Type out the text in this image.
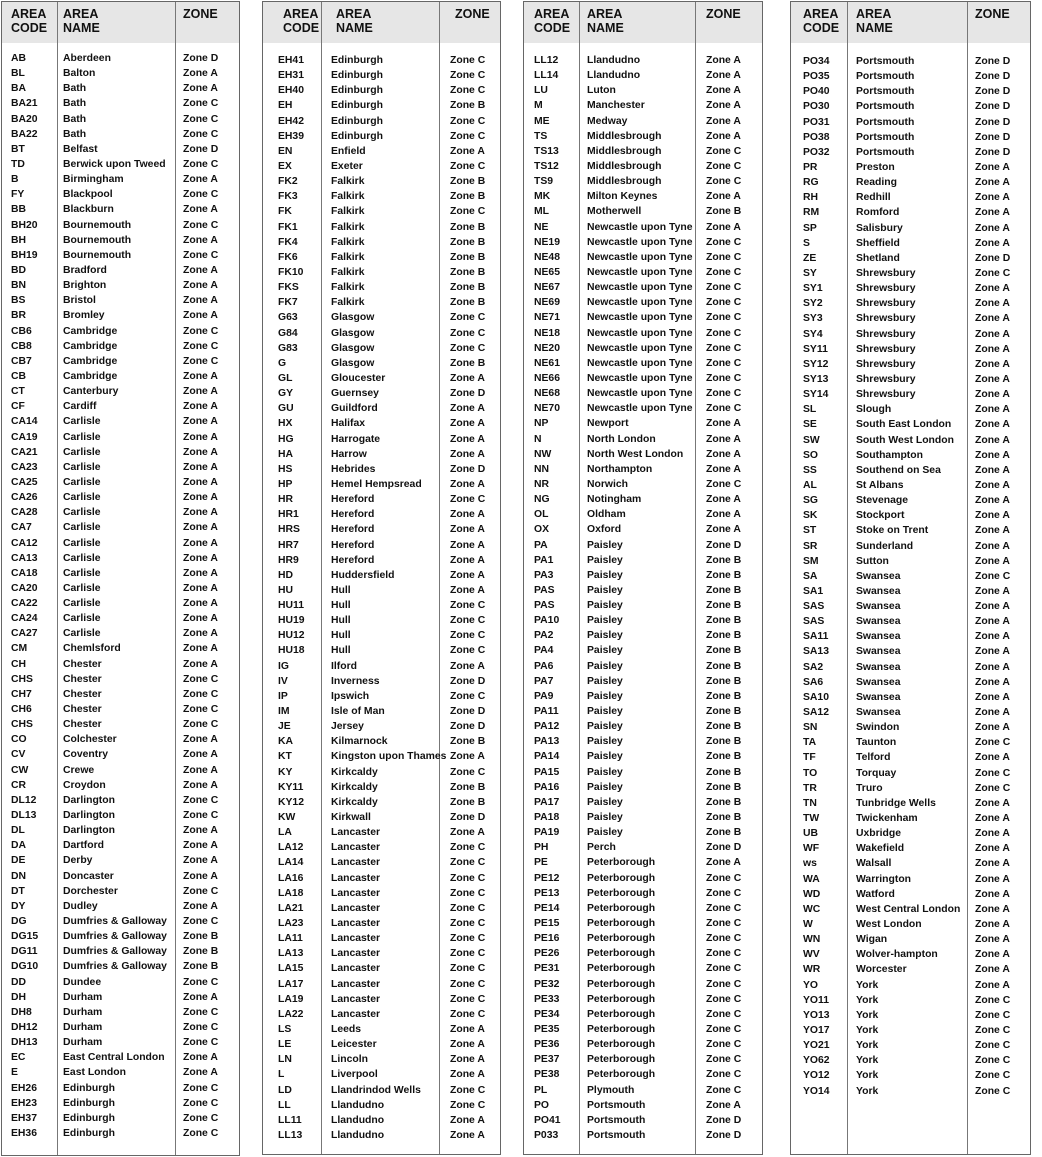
AREA CODE
AREA NAME
ZONE
AB	Aberdeen	Zone D
BL	Balton	Zone A
BA	Bath	Zone A
BA21 Bath	Zone C
BA20 Bath	Zone C
BA22 Bath	Zone C
BT	Belfast	Zone D
TD	Berwick upon Tweed Zone C
B	Birmingham	Zone A
FY	Blackpool	Zone C
BB	Blackburn	Zone A
BH20 Bournemouth	Zone C
BH	Bournemouth	Zone A
BH19 Bournemouth	Zone C
BD	Bradford	Zone A
BN	Brighton	Zone A
BS	Bristol	Zone A
BR	Bromley	Zone A
CB6	Cambridge	Zone C
CB8	Cambridge	Zone C
CB7	Cambridge	Zone C
CB	Cambridge	Zone A
CT	Canterbury	Zone A
CF	Cardiff	Zone A
CA14 Carlisle	Zone A
CA19 Carlisle	Zone A
CA21 Carlisle	Zone A
CA23 Carlisle	Zone A
CA25 Carlisle	Zone A
CA26 Carlisle	Zone A
CA28 Carlisle	Zone A
CA7	Carlisle	Zone A
CA12 Carlisle	Zone A
CA13 Carlisle	Zone A
CA18 Carlisle	Zone A
CA20 Carlisle	Zone A
CA22 Carlisle	Zone A
CA24 Carlisle	Zone A
CA27 Carlisle	Zone A
CM	Chemlsford	Zone A
CH	Chester	Zone A
CHS	Chester	Zone C
CH7	Chester	Zone C
CH6	Chester	Zone C
CHS	Chester	Zone C
CO	Colchester	Zone A
CV	Coventry	Zone A
CW	Crewe	Zone A
CR	Croydon	Zone A
DL12	Darlington	Zone C
DL13	Darlington	Zone C
DL	Darlington	Zone A
DA	Dartford	Zone A
DE	Derby	Zone A
DN	Doncaster	Zone A
DT	Dorchester	Zone C
DY	Dudley	Zone A
DG	Dumfries & Galloway Zone C
DG15 Dumfries & Galloway Zone B
DG11 Dumfries & Galloway Zone B
DG10 Dumfries & Galloway Zone B
DD	Dundee	Zone C
DH	Durham	Zone A
DH8	Durham	Zone C
DH12 Durham	Zone C
DH13 Durham	Zone C
EC	East Central London Zone A
E	East London	Zone A
EH26	Edinburgh	Zone C
EH23	Edinburgh	Zone C
EH37	Edinburgh	Zone C
EH36	Edinburgh	Zone C
AREA CODE
AREA NAME
ZONE
EH41	Edinburgh	Zone C
EH31	Edinburgh	Zone C
EH40	Edinburgh	Zone C
EH	Edinburgh	Zone B
EH42	Edinburgh	Zone C
EH39	Edinburgh	Zone C
EN	Enfield	Zone A
EX	Exeter	Zone C
FK2	Falkirk	Zone B
FK3	Falkirk	Zone B
FK	Falkirk	Zone C
FK1	Falkirk	Zone B
FK4	Falkirk	Zone B
FK6	Falkirk	Zone B
FK10	Falkirk	Zone B
FKS	Falkirk	Zone B
FK7	Falkirk	Zone B
G63	Glasgow	Zone C
G84	Glasgow	Zone C
G83	Glasgow	Zone C
G	Glasgow	Zone B
GL	Gloucester	Zone A
GY	Guernsey	Zone D
GU	Guildford	Zone A
HX	Halifax	Zone A
HG	Harrogate	Zone A
HA	Harrow	Zone A
HS	Hebrides	Zone D
HP	Hemel Hempsread	Zone A
HR	Hereford	Zone C
HR1	Hereford	Zone A
HRS	Hereford	Zone A
HR7	Hereford	Zone A
HR9	Hereford	Zone A
HD	Huddersfield	Zone A
HU	Hull	Zone A
HU11	Hull	Zone C
HU19	Hull	Zone C
HU12	Hull	Zone C
HU18	Hull	Zone C
IG	Ilford	Zone A
IV	Inverness	Zone D
IP	Ipswich	Zone C
IM	Isle of Man	Zone D
JE	Jersey	Zone D
KA	Kilmarnock	Zone B
KT	Kingston upon Thames Zone A
KY	Kirkcaldy	Zone C
KY11	Kirkcaldy	Zone B
KY12	Kirkcaldy	Zone B
KW	Kirkwall	Zone D
LA	Lancaster	Zone A
LA12	Lancaster	Zone C
LA14	Lancaster	Zone C
LA16	Lancaster	Zone C
LA18	Lancaster	Zone C
LA21	Lancaster	Zone C
LA23	Lancaster	Zone C
LA11	Lancaster	Zone C
LA13	Lancaster	Zone C
LA15	Lancaster	Zone C
LA17	Lancaster	Zone C
LA19	Lancaster	Zone C
LA22	Lancaster	Zone C
LS	Leeds	Zone A
LE	Leicester	Zone A
LN	Lincoln	Zone A
L	Liverpool	Zone A
LD	Llandrindod Wells	Zone C
LL	Llandudno	Zone C
LL11	Llandudno	Zone A
LL13	Llandudno	Zone A
AREA CODE
AREA NAME
ZONE
LL12	Llandudno	Zone A
LL14	Llandudno	Zone A
LU	Luton	Zone A
M	Manchester	Zone A
ME	Medway	Zone A
TS	Middlesbrough	Zone A
TS13	Middlesbrough	Zone C
TS12	Middlesbrough	Zone C
TS9	Middlesbrough	Zone C
MK	Milton Keynes	Zone A
ML	Motherwell	Zone B
NE	Newcastle upon Tyne Zone A
NE19	Newcastle upon Tyne Zone C
NE48	Newcastle upon Tyne Zone C
NE65	Newcastle upon Tyne Zone C
NE67	Newcastle upon Tyne Zone C
NE69	Newcastle upon Tyne Zone C
NE71	Newcastle upon Tyne Zone C
NE18	Newcastle upon Tyne Zone C
NE20	Newcastle upon Tyne Zone C
NE61	Newcastle upon Tyne Zone C
NE66	Newcastle upon Tyne Zone C
NE68	Newcastle upon Tyne Zone C
NE70	Newcastle upon Tyne Zone C
NP	Newport	Zone A
N	North London	Zone A
NW	North West London Zone A
NN	Northampton	Zone A
NR	Norwich	Zone C
NG	Notingham	Zone A
OL	Oldham	Zone A
OX	Oxford	Zone A
PA	Paisley	Zone D
PA1	Paisley	Zone B
PA3	Paisley	Zone B
PAS	Paisley	Zone B
PAS	Paisley	Zone B
PA10	Paisley	Zone B
PA2	Paisley	Zone B
PA4	Paisley	Zone B
PA6	Paisley	Zone B
PA7	Paisley	Zone B
PA9	Paisley	Zone B
PA11	Paisley	Zone B
PA12	Paisley	Zone B
PA13	Paisley	Zone B
PA14	Paisley	Zone B
PA15	Paisley	Zone B
PA16	Paisley	Zone B
PA17	Paisley	Zone B
PA18	Paisley	Zone B
PA19	Paisley	Zone B
PH	Perch	Zone D
PE	Peterborough	Zone A
PE12	Peterborough	Zone C
PE13	Peterborough	Zone C
PE14	Peterborough	Zone C
PE15	Peterborough	Zone C
PE16	Peterborough	Zone C
PE26	Peterborough	Zone C
PE31	Peterborough	Zone C
PE32	Peterborough	Zone C
PE33	Peterborough	Zone C
PE34	Peterborough	Zone C
PE35	Peterborough	Zone C
PE36	Peterborough	Zone C
PE37	Peterborough	Zone C
PE38	Peterborough	Zone C
PL	Plymouth	Zone C
PO	Portsmouth	Zone A
PO41	Portsmouth	Zone D
P033	Portsmouth	Zone D
AREA CODE
AREA NAME
ZONE
PO34	Portsmouth	Zone D
PO35	Portsmouth	Zone D
PO40	Portsmouth	Zone D
PO30	Portsmouth	Zone D
PO31	Portsmouth	Zone D
PO38	Portsmouth	Zone D
PO32	Portsmouth	Zone D
PR	Preston	Zone A
RG	Reading	Zone A
RH	Redhill	Zone A
RM	Romford	Zone A
SP	Salisbury	Zone A
S	Sheffield	Zone A
ZE	Shetland	Zone D
SY	Shrewsbury	Zone C
SY1	Shrewsbury	Zone A
SY2	Shrewsbury	Zone A
SY3	Shrewsbury	Zone A
SY4	Shrewsbury	Zone A
SY11	Shrewsbury	Zone A
SY12	Shrewsbury	Zone A
SY13	Shrewsbury	Zone A
SY14	Shrewsbury	Zone A
SL	Slough	Zone A
SE	South East London Zone A
SW	South West London Zone A
SO	Southampton	Zone A
SS	Southend on Sea	Zone A
AL	St Albans	Zone A
SG	Stevenage	Zone A
SK	Stockport	Zone A
ST	Stoke on Trent	Zone A
SR	Sunderland	Zone A
SM	Sutton	Zone A
SA	Swansea	Zone C
SA1	Swansea	Zone A
SAS	Swansea	Zone A
SAS	Swansea	Zone A
SA11	Swansea	Zone A
SA13	Swansea	Zone A
SA2	Swansea	Zone A
SA6	Swansea	Zone A
SA10	Swansea	Zone A
SA12	Swansea	Zone A
SN	Swindon	Zone A
TA	Taunton	Zone C
TF	Telford	Zone A
TO	Torquay	Zone C
TR	Truro	Zone C
TN	Tunbridge Wells	Zone A
TW	Twickenham	Zone A
UB	Uxbridge	Zone A
WF	Wakefield	Zone A
ws	Walsall	Zone A
WA	Warrington	Zone A
WD	Watford	Zone A
WC	West Central London Zone A
W	West London	Zone A
WN	Wigan	Zone A
WV	Wolver-hampton	Zone A
WR	Worcester	Zone A
YO	York	Zone A
YO11	York	Zone C
YO13	York	Zone C
YO17	York	Zone C
YO21	York	Zone C
YO62	York	Zone C
YO12	York	Zone C
YO14	York	Zone C
